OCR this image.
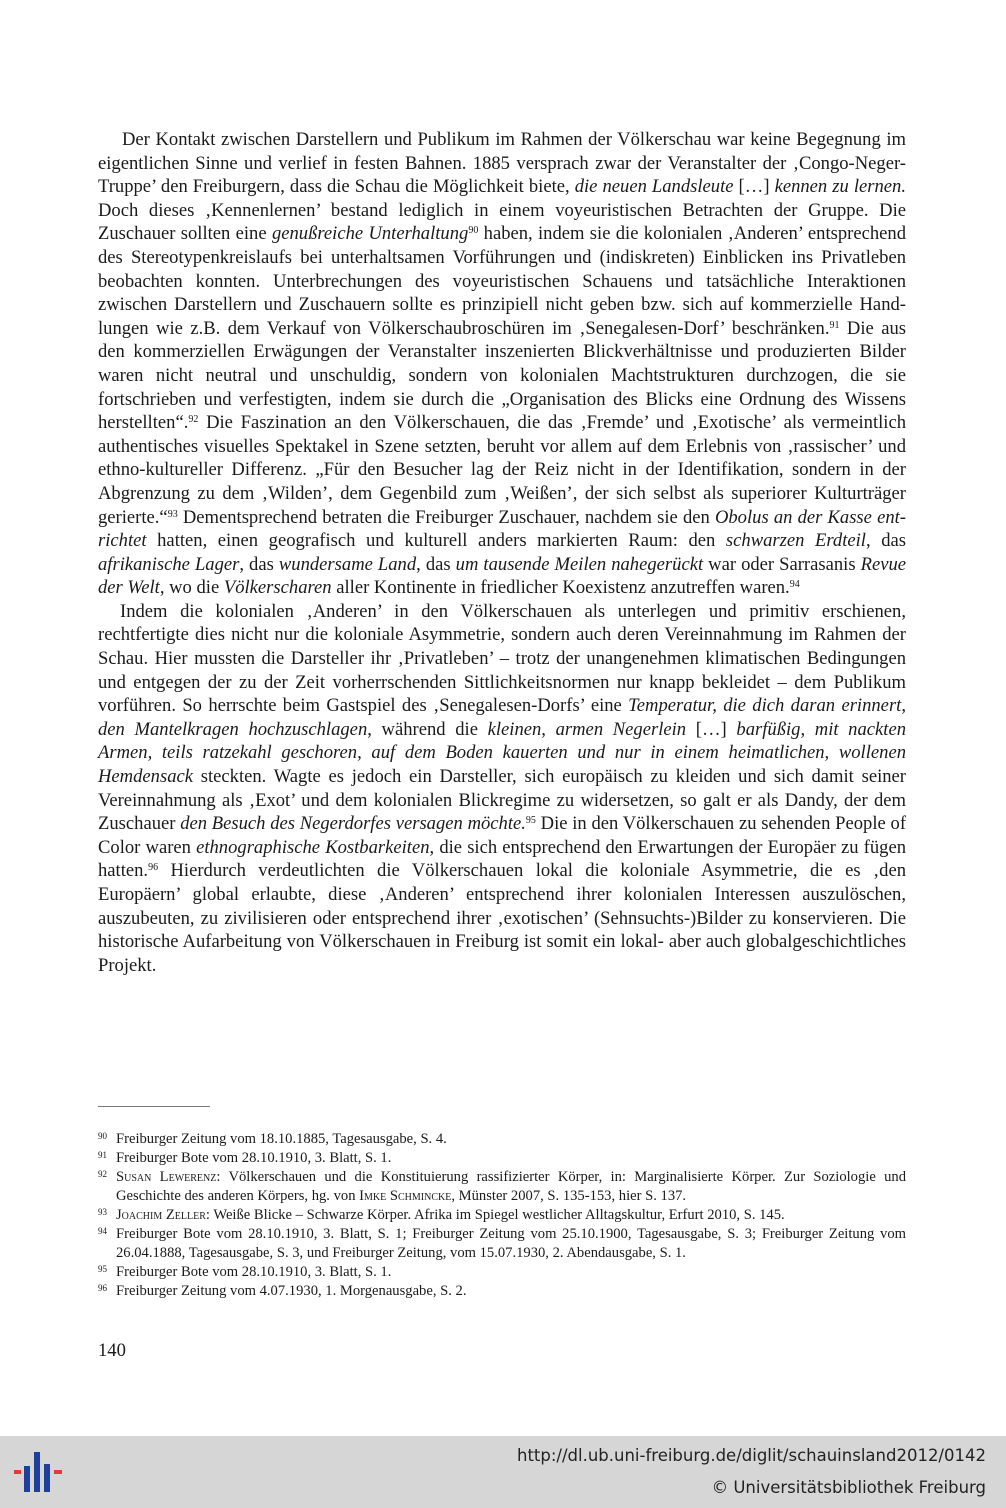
Der Kontakt zwischen Darstellern und Publikum im Rahmen der Völkerschau war keine Begegnung im eigentlichen Sinne und verlief in festen Bahnen. 1885 versprach zwar der Veranstalter der ‚Congo-Neger-Truppe’ den Freiburgern, dass die Schau die Möglichkeit biete, die neuen Landsleute […] kennen zu lernen. Doch dieses ‚Kennenlernen’ bestand lediglich in einem voyeuristischen Betrachten der Gruppe. Die Zuschauer sollten eine genußreiche Unterhaltung$^{90}$ haben, indem sie die kolonialen ‚Anderen’ entsprechend des Stereotypenkreislaufs bei unterhaltsamen Vorführungen und (indiskreten) Einblicken ins Privatleben beobachten konnten. Unterbrechungen des voyeuristischen Schauens und tatsächliche Interaktionen zwischen Darstellern und Zuschauern sollte es prinzipiell nicht geben bzw. sich auf kommerzielle Handlungen wie z.B. dem Verkauf von Völkerschaubroschüren im ‚Senegalesen-Dorf’ beschränken.$^{91}$ Die aus den kommerziellen Erwägungen der Veranstalter inszenierten Blickverhältnisse und produzierten Bilder waren nicht neutral und unschuldig, sondern von kolonialen Machtstrukturen durchzogen, die sie fortschrieben und verfestigten, indem sie durch die „Organisation des Blicks eine Ordnung des Wissens herstellten“.$^{92}$ Die Faszination an den Völkerschauen, die das ‚Fremde’ und ‚Exotische’ als vermeintlich authentisches visuelles Spektakel in Szene setzten, beruht vor allem auf dem Erlebnis von ‚rassischer’ und ethno-kultureller Differenz. „Für den Besucher lag der Reiz nicht in der Identifikation, sondern in der Abgrenzung zu dem ‚Wilden’, dem Gegenbild zum ‚Weißen’, der sich selbst als superiorer Kulturträger gerierte.“$^{93}$ Dementsprechend betraten die Freiburger Zuschauer, nachdem sie den Obolus an der Kasse entrichtet hatten, einen geografisch und kulturell anders markierten Raum: den schwarzen Erdteil, das afrikanische Lager, das wundersame Land, das um tausende Meilen nahegerückt war oder Sarrasanis Revue der Welt, wo die Völkerscharen aller Kontinente in friedlicher Koexistenz anzutreffen waren.$^{94}$

Indem die kolonialen ‚Anderen’ in den Völkerschauen als unterlegen und primitiv erschienen, rechtfertigte dies nicht nur die koloniale Asymmetrie, sondern auch deren Vereinnahmung im Rahmen der Schau. Hier mussten die Darsteller ihr ‚Privatleben’ – trotz der unangenehmen klimatischen Bedingungen und entgegen der zu der Zeit vorherrschenden Sittlichkeitsnormen nur knapp bekleidet – dem Publikum vorführen. So herrschte beim Gastspiel des ‚Senegalesen-Dorfs’ eine Temperatur, die dich daran erinnert, den Mantelkragen hochzuschlagen, während die kleinen, armen Negerlein […] barfüßig, mit nackten Armen, teils ratzekahl geschoren, auf dem Boden kauerten und nur in einem heimatlichen, wollenen Hemdensack steckten. Wagte es jedoch ein Darsteller, sich europäisch zu kleiden und sich damit seiner Vereinnahmung als ‚Exot’ und dem kolonialen Blickregime zu widersetzen, so galt er als Dandy, der dem Zuschauer den Besuch des Negerdorfes versagen möchte.$^{95}$ Die in den Völkerschauen zu sehenden People of Color waren ethnographische Kostbarkeiten, die sich entsprechend den Erwartungen der Europäer zu fügen hatten.$^{96}$ Hierdurch verdeutlichten die Völkerschauen lokal die koloniale Asymmetrie, die es ‚den Europäern’ global erlaubte, diese ‚Anderen’ entsprechend ihrer kolonialen Interessen auszulöschen, auszubeuten, zu zivilisieren oder entsprechend ihrer ‚exotischen’ (Sehnsuchts-)Bilder zu konservieren. Die historische Aufarbeitung von Völkerschauen in Freiburg ist somit ein lokal- aber auch globalgeschichtliches Projekt.

90 Freiburger Zeitung vom 18.10.1885, Tagesausgabe, S. 4.
91 Freiburger Bote vom 28.10.1910, 3. Blatt, S. 1.
92 Susan Lewerenz: Völkerschauen und die Konstituierung rassifizierter Körper, in: Marginalisierte Körper. Zur Soziologie und Geschichte des anderen Körpers, hg. von Imke Schmincke, Münster 2007, S. 135-153, hier S. 137.
93 Joachim Zeller: Weiße Blicke – Schwarze Körper. Afrika im Spiegel westlicher Alltagskultur, Erfurt 2010, S. 145.
94 Freiburger Bote vom 28.10.1910, 3. Blatt, S. 1; Freiburger Zeitung vom 25.10.1900, Tagesausgabe, S. 3; Freiburger Zeitung vom 26.04.1888, Tagesausgabe, S. 3, und Freiburger Zeitung, vom 15.07.1930, 2. Abendausgabe, S. 1.
95 Freiburger Bote vom 28.10.1910, 3. Blatt, S. 1.
96 Freiburger Zeitung vom 4.07.1930, 1. Morgenausgabe, S. 2.
140
http://dl.ub.uni-freiburg.de/diglit/schauinsland2012/0142
© Universitätsbibliothek Freiburg
